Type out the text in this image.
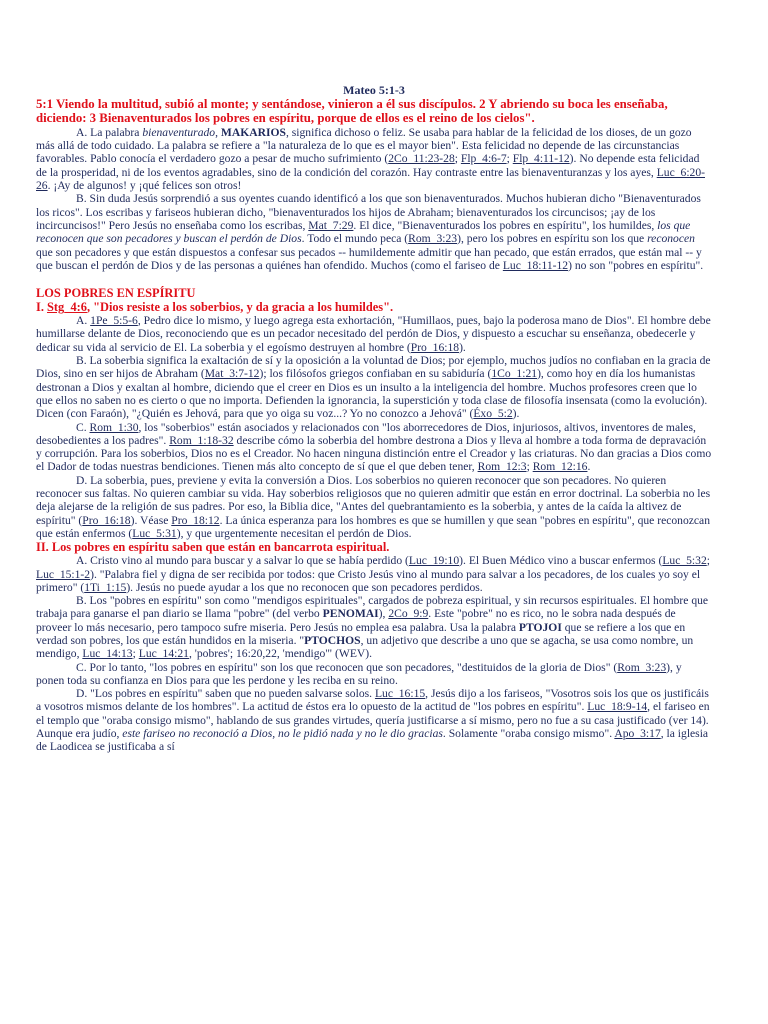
Mateo 5:1-3

5:1 Viendo la multitud, subió al monte; y sentándose, vinieron a él sus discípulos. 2 Y abriendo su boca les enseñaba, diciendo: 3 Bienaventurados los pobres en espíritu, porque de ellos es el reino de los cielos".

A. La palabra bienaventurado, MAKARIOS, significa dichoso o feliz. Se usaba para hablar de la felicidad de los dioses, de un gozo más allá de todo cuidado. La palabra se refiere a "la naturaleza de lo que es el mayor bien". Esta felicidad no depende de las circunstancias favorables. Pablo conocía el verdadero gozo a pesar de mucho sufrimiento (2Co_11:23-28; Flp_4:6-7; Flp_4:11-12). No depende esta felicidad de la prosperidad, ni de los eventos agradables, sino de la condición del corazón. Hay contraste entre las bienaventuranzas y los ayes, Luc_6:20-26. ¡Ay de algunos! y ¡qué felices son otros!

B. Sin duda Jesús sorprendió a sus oyentes cuando identificó a los que son bienaventurados. Muchos hubieran dicho "Bienaventurados los ricos". Los escribas y fariseos hubieran dicho, "bienaventurados los hijos de Abraham; bienaventurados los circuncisos; ¡ay de los incircuncisos!" Pero Jesús no enseñaba como los escribas, Mat_7:29. El dice, "Bienaventurados los pobres en espíritu", los humildes, los que reconocen que son pecadores y buscan el perdón de Dios. Todo el mundo peca (Rom_3:23), pero los pobres en espíritu son los que reconocen que son pecadores y que están dispuestos a confesar sus pecados -- humildemente admitir que han pecado, que están errados, que están mal -- y que buscan el perdón de Dios y de las personas a quiénes han ofendido. Muchos (como el fariseo de Luc_18:11-12) no son "pobres en espíritu".

LOS POBRES EN ESPÍRITU

I. Stg_4:6, "Dios resiste a los soberbios, y da gracia a los humildes".

A. 1Pe_5:5-6, Pedro dice lo mismo, y luego agrega esta exhortación, "Humillaos, pues, bajo la poderosa mano de Dios". El hombre debe humillarse delante de Dios, reconociendo que es un pecador necesitado del perdón de Dios, y dispuesto a escuchar su enseñanza, obedecerle y dedicar su vida al servicio de El. La soberbia y el egoísmo destruyen al hombre (Pro_16:18).

B. La soberbia significa la exaltación de sí y la oposición a la voluntad de Dios; por ejemplo, muchos judíos no confiaban en la gracia de Dios, sino en ser hijos de Abraham (Mat_3:7-12); los filósofos griegos confiaban en su sabiduría (1Co_1:21), como hoy en día los humanistas destronan a Dios y exaltan al hombre, diciendo que el creer en Dios es un insulto a la inteligencia del hombre. Muchos profesores creen que lo que ellos no saben no es cierto o que no importa. Defienden la ignorancia, la superstición y toda clase de filosofía insensata (como la evolución). Dicen (con Faraón), "¿Quién es Jehová, para que yo oiga su voz...? Yo no conozco a Jehová" (Éxo_5:2).

C. Rom_1:30, los "soberbios" están asociados y relacionados con "los aborrecedores de Dios, injuriosos, altivos, inventores de males, desobedientes a los padres". Rom_1:18-32 describe cómo la soberbia del hombre destrona a Dios y lleva al hombre a toda forma de depravación y corrupción. Para los soberbios, Dios no es el Creador. No hacen ninguna distinción entre el Creador y las criaturas. No dan gracias a Dios como el Dador de todas nuestras bendiciones. Tienen más alto concepto de sí que el que deben tener, Rom_12:3; Rom_12:16.

D. La soberbia, pues, previene y evita la conversión a Dios. Los soberbios no quieren reconocer que son pecadores. No quieren reconocer sus faltas. No quieren cambiar su vida. Hay soberbios religiosos que no quieren admitir que están en error doctrinal. La soberbia no les deja alejarse de la religión de sus padres. Por eso, la Biblia dice, "Antes del quebrantamiento es la soberbia, y antes de la caída la altivez de espíritu" (Pro_16:18). Véase Pro_18:12. La única esperanza para los hombres es que se humillen y que sean "pobres en espíritu", que reconozcan que están enfermos (Luc_5:31), y que urgentemente necesitan el perdón de Dios.

II. Los pobres en espíritu saben que están en bancarrota espiritual.

A. Cristo vino al mundo para buscar y a salvar lo que se había perdido (Luc_19:10). El Buen Médico vino a buscar enfermos (Luc_5:32; Luc_15:1-2). "Palabra fiel y digna de ser recibida por todos: que Cristo Jesús vino al mundo para salvar a los pecadores, de los cuales yo soy el primero" (1Ti_1:15). Jesús no puede ayudar a los que no reconocen que son pecadores perdidos.

B. Los "pobres en espíritu" son como "mendigos espirituales", cargados de pobreza espiritual, y sin recursos espirituales. El hombre que trabaja para ganarse el pan diario se llama "pobre" (del verbo PENOMAI), 2Co_9:9. Este "pobre" no es rico, no le sobra nada después de proveer lo más necesario, pero tampoco sufre miseria. Pero Jesús no emplea esa palabra. Usa la palabra PTOJOI que se refiere a los que en verdad son pobres, los que están hundidos en la miseria. "PTOCHOS, un adjetivo que describe a uno que se agacha, se usa como nombre, un mendigo, Luc_14:13; Luc_14:21, 'pobres'; 16:20,22, 'mendigo'" (WEV).

C. Por lo tanto, "los pobres en espíritu" son los que reconocen que son pecadores, "destituidos de la gloria de Dios" (Rom_3:23), y ponen toda su confianza en Dios para que les perdone y les reciba en su reino.

D. "Los pobres en espíritu" saben que no pueden salvarse solos. Luc_16:15, Jesús dijo a los fariseos, "Vosotros sois los que os justificáis a vosotros mismos delante de los hombres". La actitud de éstos era lo opuesto de la actitud de "los pobres en espíritu". Luc_18:9-14, el fariseo en el templo que "oraba consigo mismo", hablando de sus grandes virtudes, quería justificarse a sí mismo, pero no fue a su casa justificado (ver 14). Aunque era judío, este fariseo no reconoció a Dios, no le pidió nada y no le dio gracias. Solamente "oraba consigo mismo". Apo_3:17, la iglesia de Laodicea se justificaba a sí
